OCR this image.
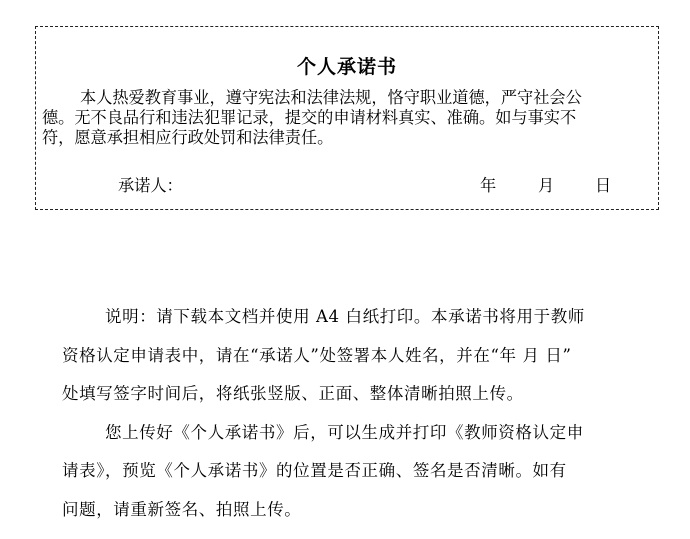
个人承诺书
本人热爱教育事业，遵守宪法和法律法规，恪守职业道德，严守社会公
德。无不良品行和违法犯罪记录，提交的申请材料真实、准确。如与事实不
符，愿意承担相应行政处罚和法律责任。
承诺人：	年	月	日
说明：请下载本文档并使用 A4 白纸打印。本承诺书将用于教师
资格认定申请表中，请在“承诺人”处签署本人姓名，并在“年 月 日”
处填写签字时间后，将纸张竖版、正面、整体清晰拍照上传。
您上传好《个人承诺书》后，可以生成并打印《教师资格认定申
请表》，预览《个人承诺书》的位置是否正确、签名是否清晰。如有
问题，请重新签名、拍照上传。
